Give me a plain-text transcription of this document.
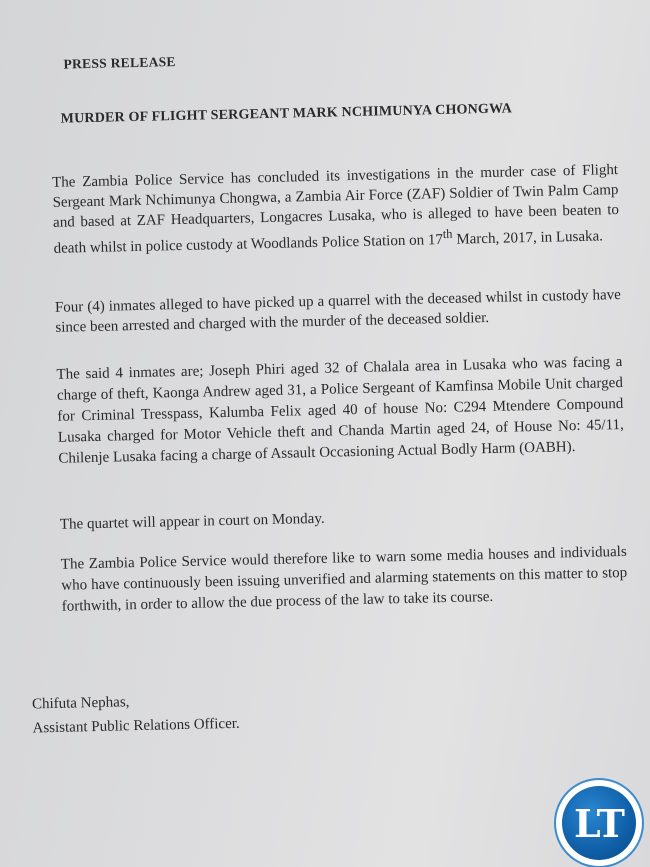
PRESS RELEASE
MURDER OF FLIGHT SERGEANT MARK NCHIMUNYA CHONGWA

The Zambia Police Service has concluded its investigations in the murder case of Flight Sergeant Mark Nchimunya Chongwa, a Zambia Air Force (ZAF) Soldier of Twin Palm Camp and based at ZAF Headquarters, Longacres Lusaka, who is alleged to have been beaten to death whilst in police custody at Woodlands Police Station on 17th March, 2017, in Lusaka.

Four (4) inmates alleged to have picked up a quarrel with the deceased whilst in custody have since been arrested and charged with the murder of the deceased soldier.

The said 4 inmates are; Joseph Phiri aged 32 of Chalala area in Lusaka who was facing a charge of theft, Kaonga Andrew aged 31, a Police Sergeant of Kamfinsa Mobile Unit charged for Criminal Tresspass, Kalumba Felix aged 40 of house No: C294 Mtendere Compound Lusaka charged for Motor Vehicle theft and Chanda Martin aged 24, of House No: 45/11, Chilenje Lusaka facing a charge of Assault Occasioning Actual Bodly Harm (OABH).

The quartet will appear in court on Monday.

The Zambia Police Service would therefore like to warn some media houses and individuals who have continuously been issuing unverified and alarming statements on this matter to stop forthwith, in order to allow the due process of the law to take its course.

Chifuta Nephas,
Assistant Public Relations Officer.
LT
